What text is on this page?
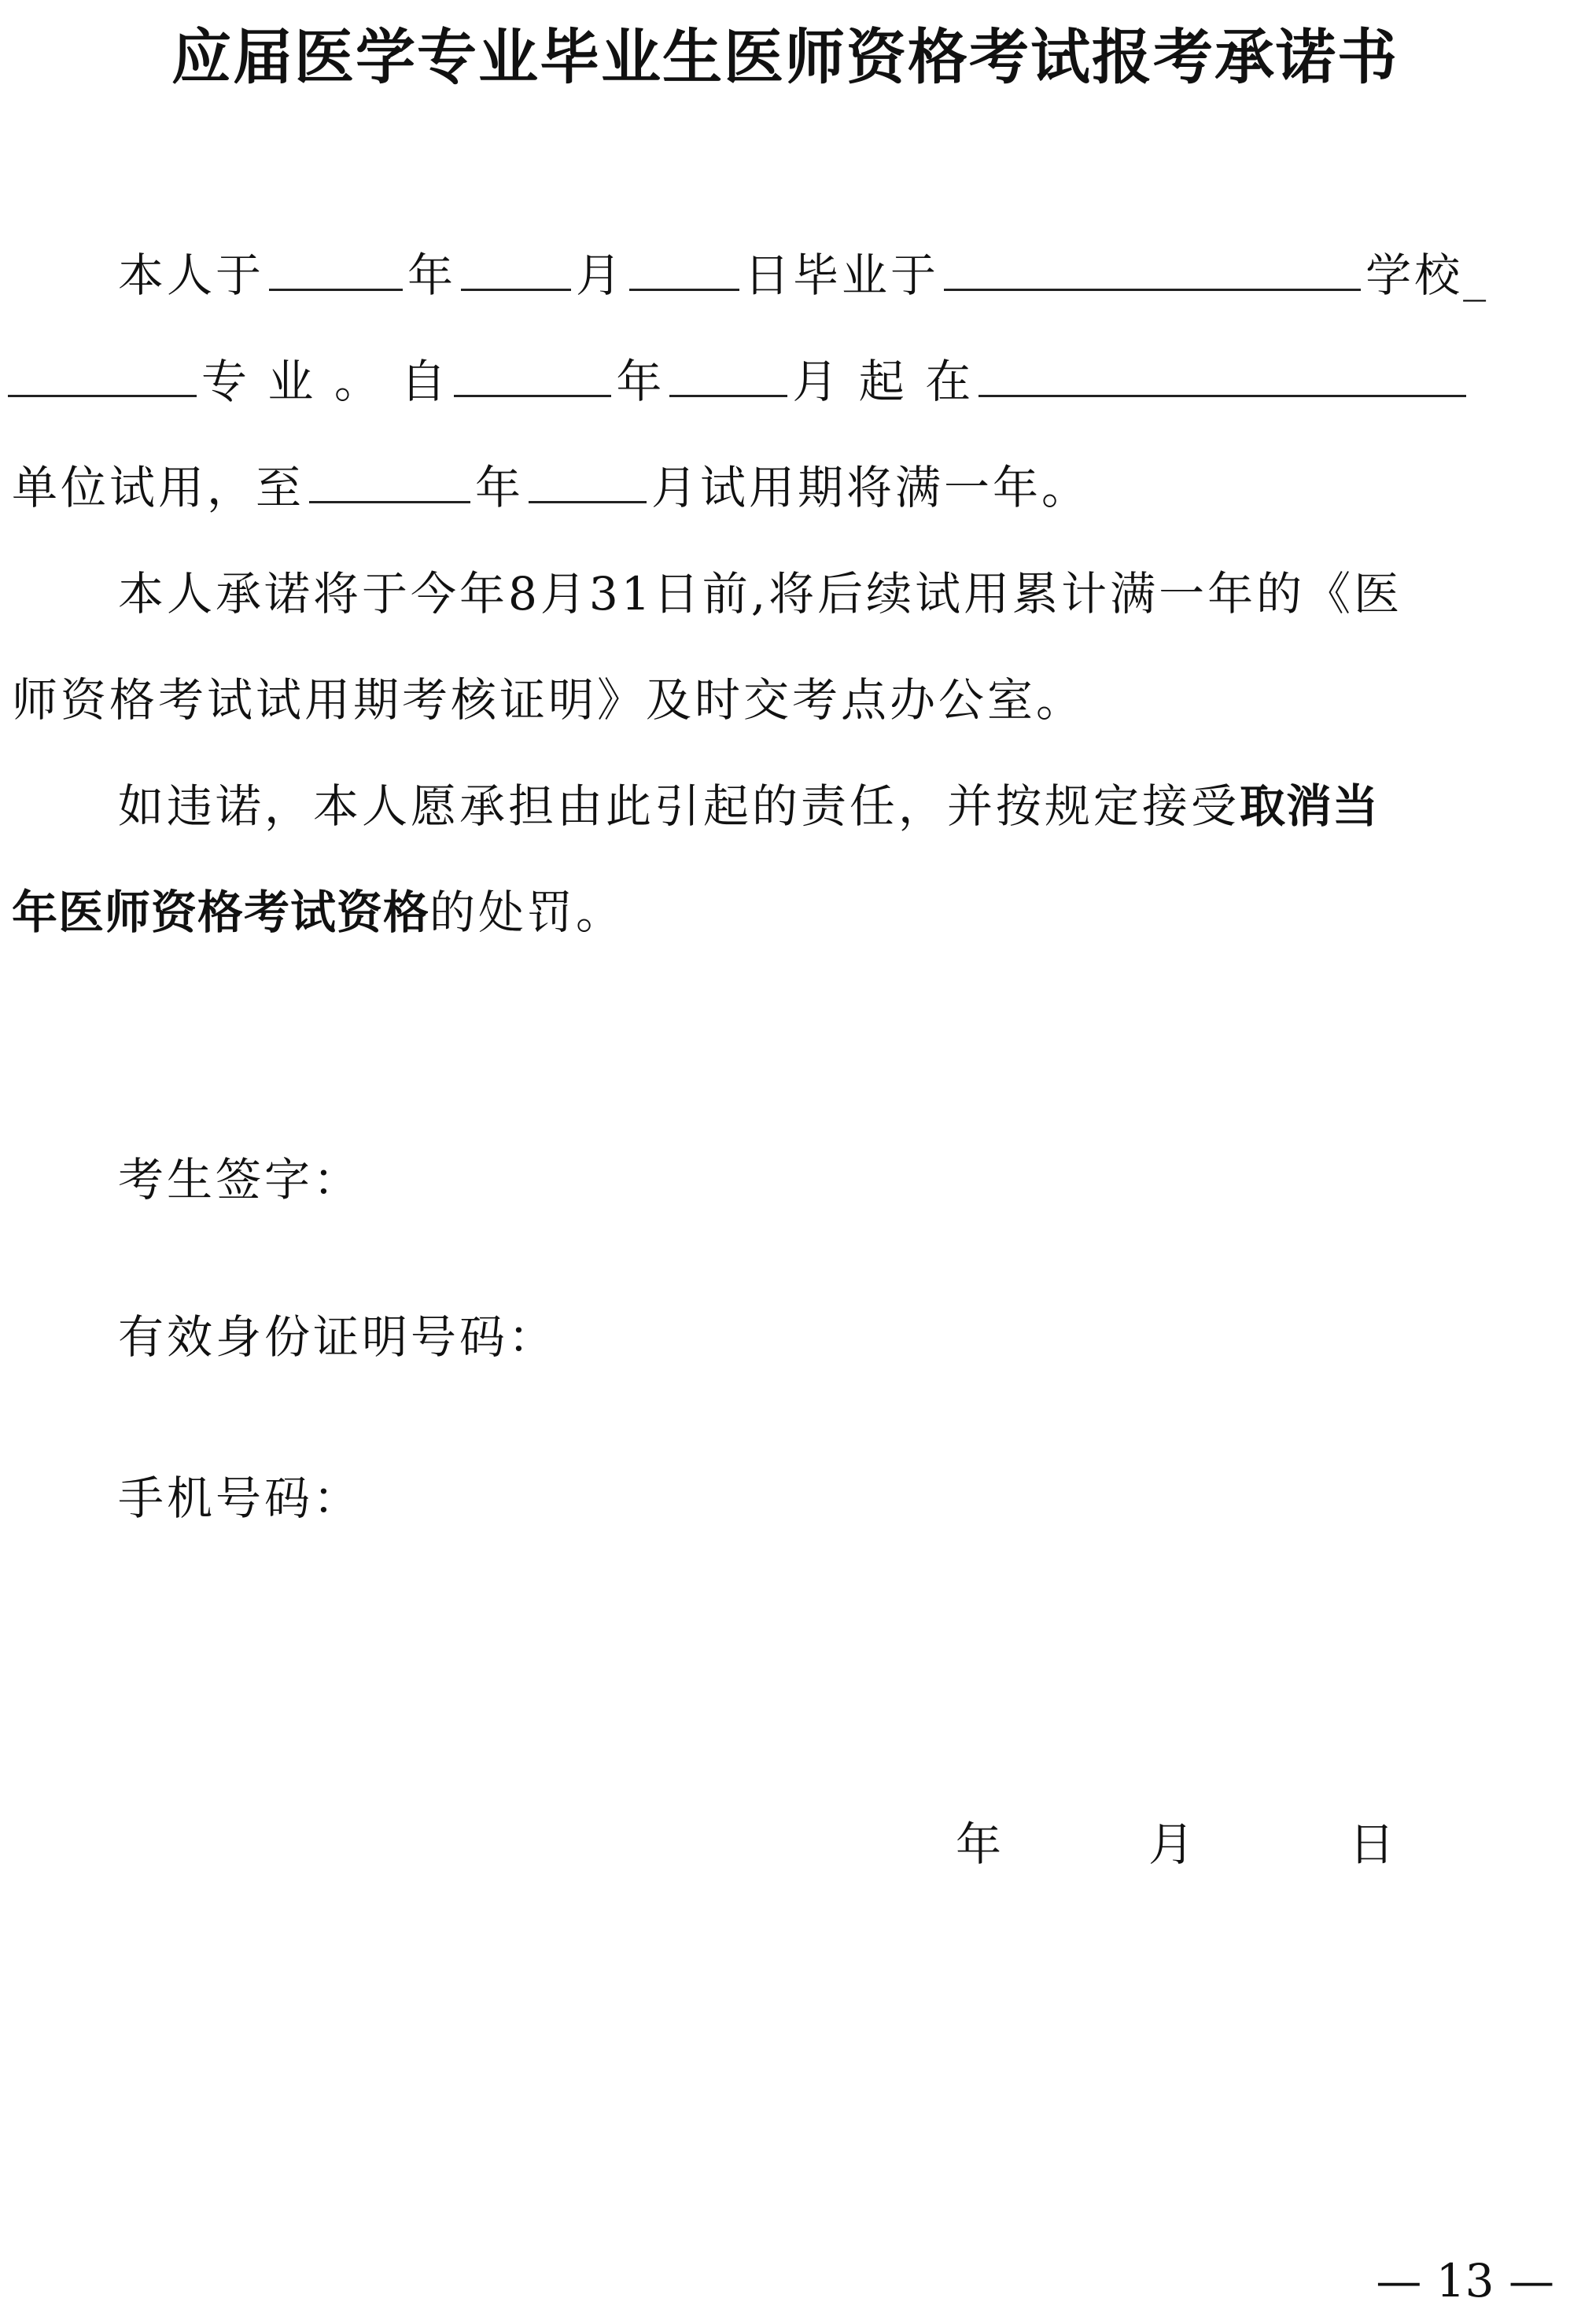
应届医学专业毕业生医师资格考试报考承诺书
本人于	年	月	日毕业于	学校_
专 业 。 自	年	月 起 在
单位试用，至	年	月试用期将满一年。
本人承诺将于今年8月31日前,将后续试用累计满一年的《医
师资格考试试用期考核证明》及时交考点办公室。
如违诺，本人愿承担由此引起的责任，并按规定接受取消当
年医师资格考试资格的处罚。
考生签字：
有效身份证明号码：
手机号码：
年	月	日
— 13 —
